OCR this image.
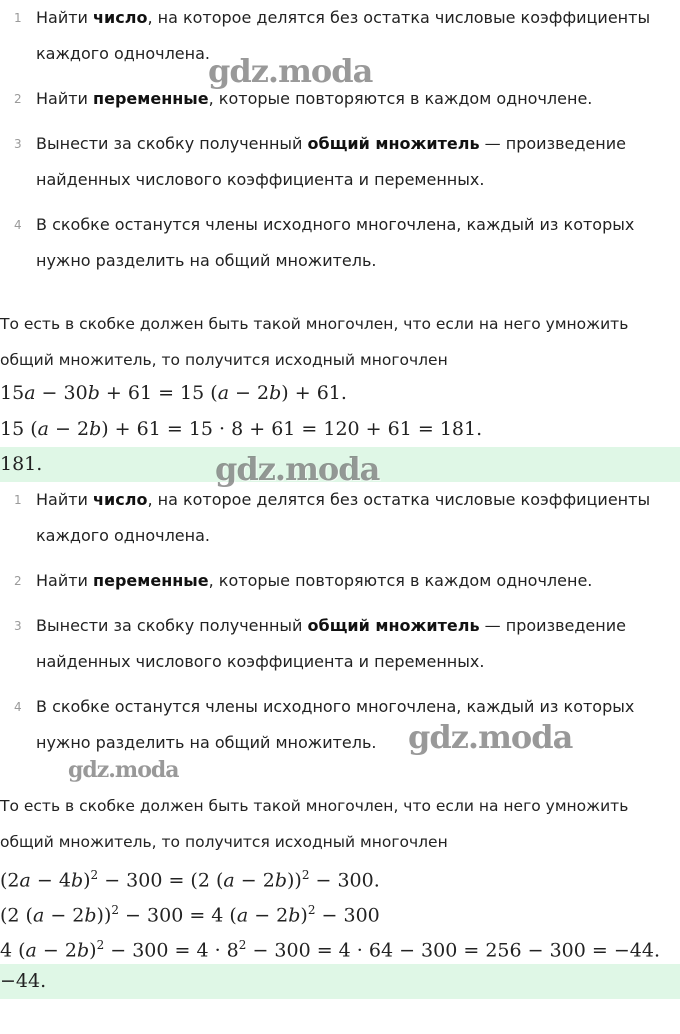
1 Найти число, на которое делятся без остатка числовые коэффициенты
каждого одночлена.
2 Найти переменные, которые повторяются в каждом одночлене.
3 Вынести за скобку полученный общий множитель — произведение
найденных числового коэффициента и переменных.
4 В скобке останутся члены исходного многочлена, каждый из которых
нужно разделить на общий множитель.
То есть в скобке должен быть такой многочлен, что если на него умножить
общий множитель, то получится исходный многочлен
15a − 30b + 61 = 15 (a − 2b) + 61.
15 (a − 2b) + 61 = 15 · 8 + 61 = 120 + 61 = 181.
181.
1 Найти число, на которое делятся без остатка числовые коэффициенты
каждого одночлена.
2 Найти переменные, которые повторяются в каждом одночлене.
3 Вынести за скобку полученный общий множитель — произведение
найденных числового коэффициента и переменных.
4 В скобке останутся члены исходного многочлена, каждый из которых
нужно разделить на общий множитель.
То есть в скобке должен быть такой многочлен, что если на него умножить
общий множитель, то получится исходный многочлен
$(2a - 4b)^2 - 300 = (2$ (a − 2b))$^2$ − 300.
(2 (a − 2b))$^2$ − 300 = 4 $(a - 2b)^2 - 300$
4 $(a - 2b)^2 - 300 = 4 \cdot 8^2 - 300 = 4 \cdot 64 - 300 = 256 - 300 = -44$.
−44.
gdz.moda
gdz.moda
gdz.moda
gdz.moda
